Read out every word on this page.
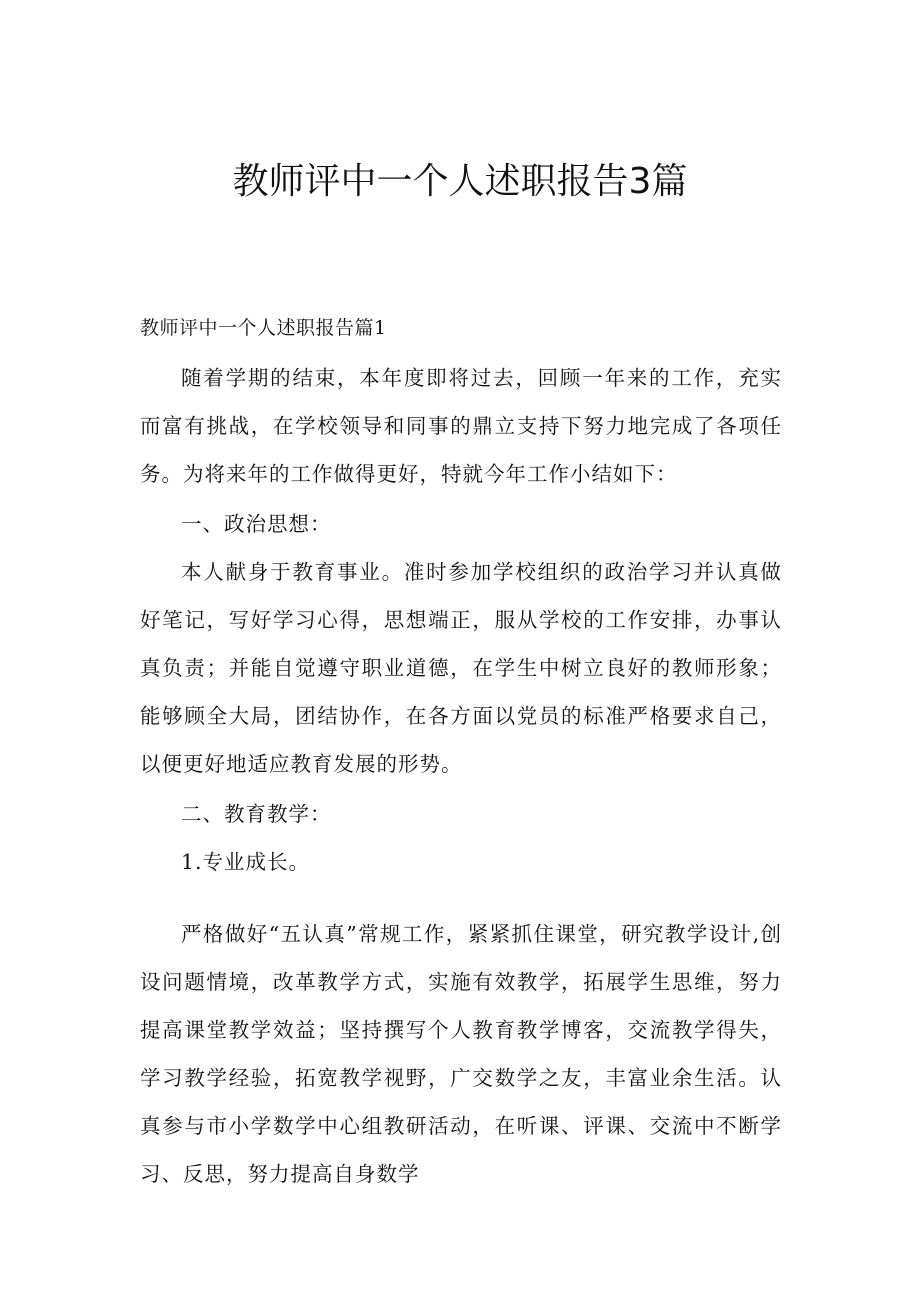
教师评中一个人述职报告3篇
教师评中一个人述职报告篇1

随着学期的结束，本年度即将过去，回顾一年来的工作，充实而富有挑战，在学校领导和同事的鼎立支持下努力地完成了各项任务。为将来年的工作做得更好，特就今年工作小结如下：

一、政治思想：

本人献身于教育事业。准时参加学校组织的政治学习并认真做好笔记，写好学习心得，思想端正，服从学校的工作安排，办事认真负责；并能自觉遵守职业道德，在学生中树立良好的教师形象；能够顾全大局，团结协作，在各方面以党员的标准严格要求自己，以便更好地适应教育发展的形势。

二、教育教学：

1.专业成长。

严格做好“五认真”常规工作，紧紧抓住课堂，研究教学设计,创设问题情境，改革教学方式，实施有效教学，拓展学生思维，努力提高课堂教学效益；坚持撰写个人教育教学博客，交流教学得失，学习教学经验，拓宽教学视野，广交数学之友，丰富业余生活。认真参与市小学数学中心组教研活动，在听课、评课、交流中不断学习、反思，努力提高自身数学
